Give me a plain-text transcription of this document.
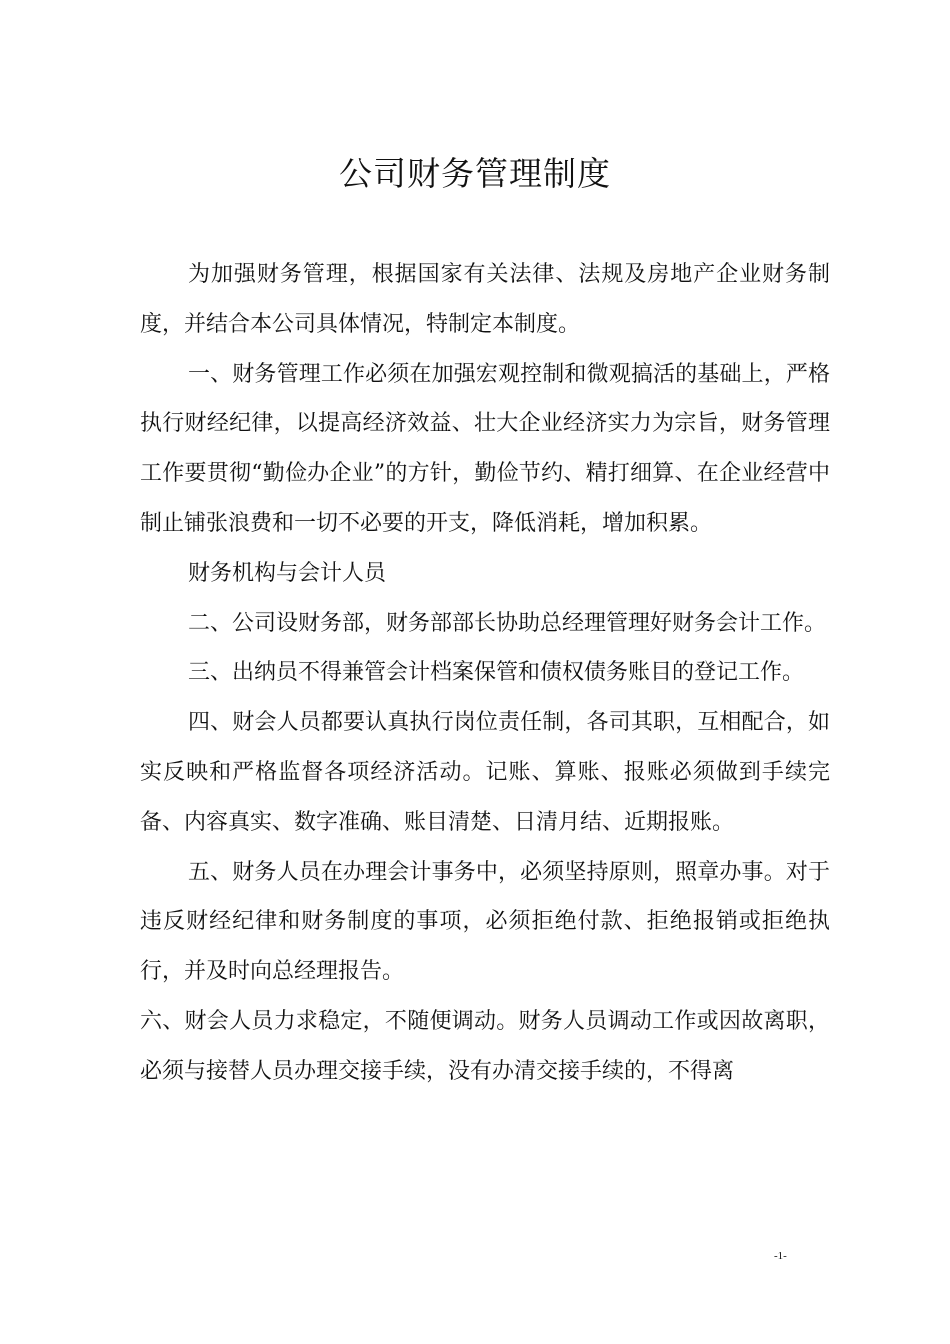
公司财务管理制度

为加强财务管理，根据国家有关法律、法规及房地产企业财务制度，并结合本公司具体情况，特制定本制度。

一、财务管理工作必须在加强宏观控制和微观搞活的基础上，严格执行财经纪律，以提高经济效益、壮大企业经济实力为宗旨，财务管理工作要贯彻“勤俭办企业”的方针，勤俭节约、精打细算、在企业经营中制止铺张浪费和一切不必要的开支，降低消耗，增加积累。

财务机构与会计人员

二、公司设财务部，财务部部长协助总经理管理好财务会计工作。

三、出纳员不得兼管会计档案保管和债权债务账目的登记工作。

四、财会人员都要认真执行岗位责任制，各司其职，互相配合，如实反映和严格监督各项经济活动。记账、算账、报账必须做到手续完备、内容真实、数字准确、账目清楚、日清月结、近期报账。

五、财务人员在办理会计事务中，必须坚持原则，照章办事。对于违反财经纪律和财务制度的事项，必须拒绝付款、拒绝报销或拒绝执行，并及时向总经理报告。

六、财会人员力求稳定，不随便调动。财务人员调动工作或因故离职，必须与接替人员办理交接手续，没有办清交接手续的，不得离

-1-
